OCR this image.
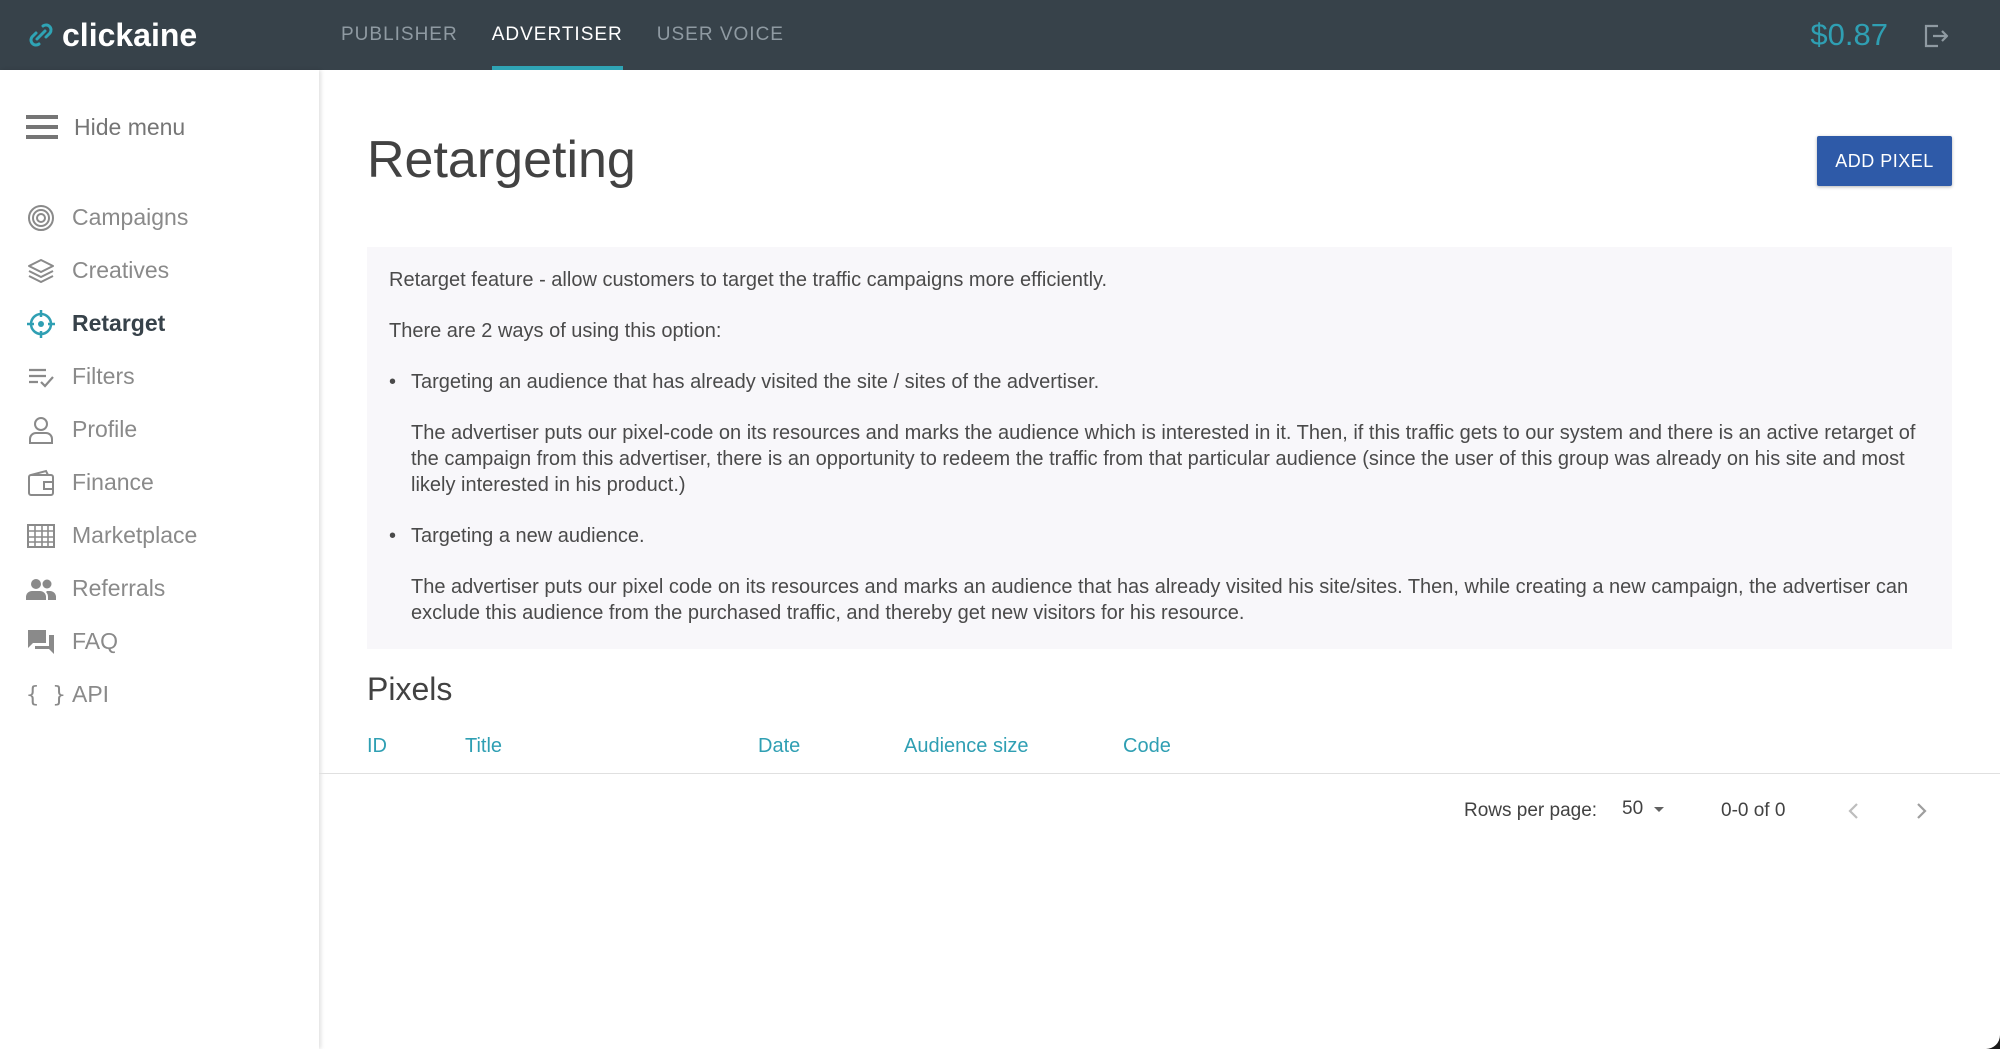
clickaine	PUBLISHER ADVERTISER USER VOICE	$0.87
Hide menu
Campaigns
Creatives
Retarget
Filters
Profile
Finance
Marketplace
Referrals
FAQ
{ } API
Retargeting	ADD PIXEL

Retarget feature - allow customers to target the traffic campaigns more efficiently.

There are 2 ways of using this option:

• Targeting an audience that has already visited the site / sites of the advertiser.
The advertiser puts our pixel-code on its resources and marks the audience which is interested in it. Then, if this traffic gets to our system and there is an active retarget of the campaign from this advertiser, there is an opportunity to redeem the traffic from that particular audience (since the user of this group was already on his site and most likely interested in his product.)
• Targeting a new audience.
The advertiser puts our pixel code on its resources and marks an audience that has already visited his site/sites. Then, while creating a new campaign, the advertiser can exclude this audience from the purchased traffic, and thereby get new visitors for his resource.
Pixels
ID	Title	Date	Audience size	Code
Rows per page: 50	0-0 of 0
